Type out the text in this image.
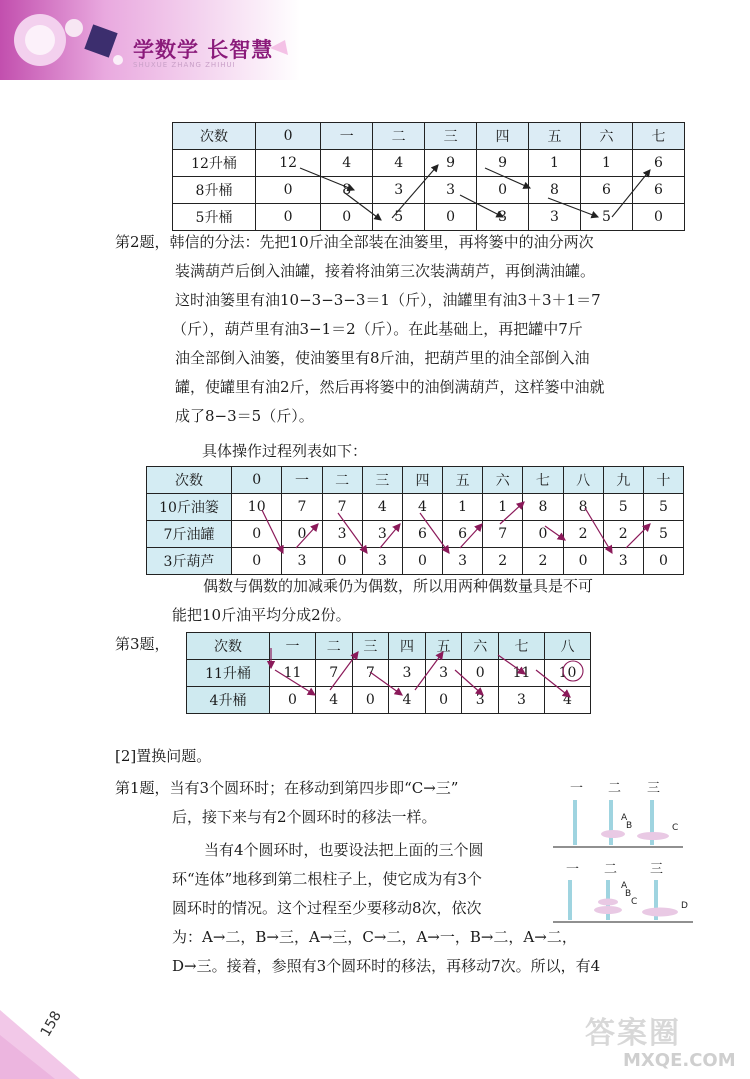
学数学 长智慧
SHUXUE ZHANG ZHIHUI
次数	0	一	二	三	四	五	六	七
12升桶	12	4	4	9	9	1	1	6
8升桶	0	8	3	3	0	8	6	6
5升桶	0	0	5	0	3	3	5	0
第2题，韩信的分法：先把10斤油全部装在油篓里，再将篓中的油分两次
装满葫芦后倒入油罐，接着将油第三次装满葫芦，再倒满油罐。
这时油篓里有油10−3−3−3＝1（斤），油罐里有油3＋3＋1＝7
（斤），葫芦里有油3−1＝2（斤）。在此基础上，再把罐中7斤
油全部倒入油篓，使油篓里有8斤油，把葫芦里的油全部倒入油
罐，使罐里有油2斤，然后再将篓中的油倒满葫芦，这样篓中油就
成了8−3＝5（斤）。
具体操作过程列表如下：
次数	0	一	二	三	四	五	六	七	八	九	十
10斤油篓	10	7	7	4	4	1	1	8	8	5	5
7斤油罐	0	0	3	3	6	6	7	0	2	2	5
3斤葫芦	0	3	0	3	0	3	2	2	0	3	0
偶数与偶数的加减乘仍为偶数，所以用两种偶数量具是不可
能把10斤油平均分成2份。
第3题，	次数	一	二	三	四	五	六	七	八
11升桶	11	7	7	3	3	0	11	10
4升桶	0	4	0	4	0	3	3	4
[2]置换问题。
第1题，当有3个圆环时；在移动到第四步即“C→三”
后，接下来与有2个圆环时的移法一样。
当有4个圆环时，也要设法把上面的三个圆
环“连体”地移到第二根柱子上，使它成为有3个
圆环时的情况。这个过程至少要移动8次，依次
为：A→二，B→三，A→三，C→二，A→一，B→二，A→二，
D→三。接着，参照有3个圆环时的移法，再移动7次。所以，有4
一 二 三
一 二	三
A
B	C
A
B
C	D
158	答案圈
MXQE.COM
